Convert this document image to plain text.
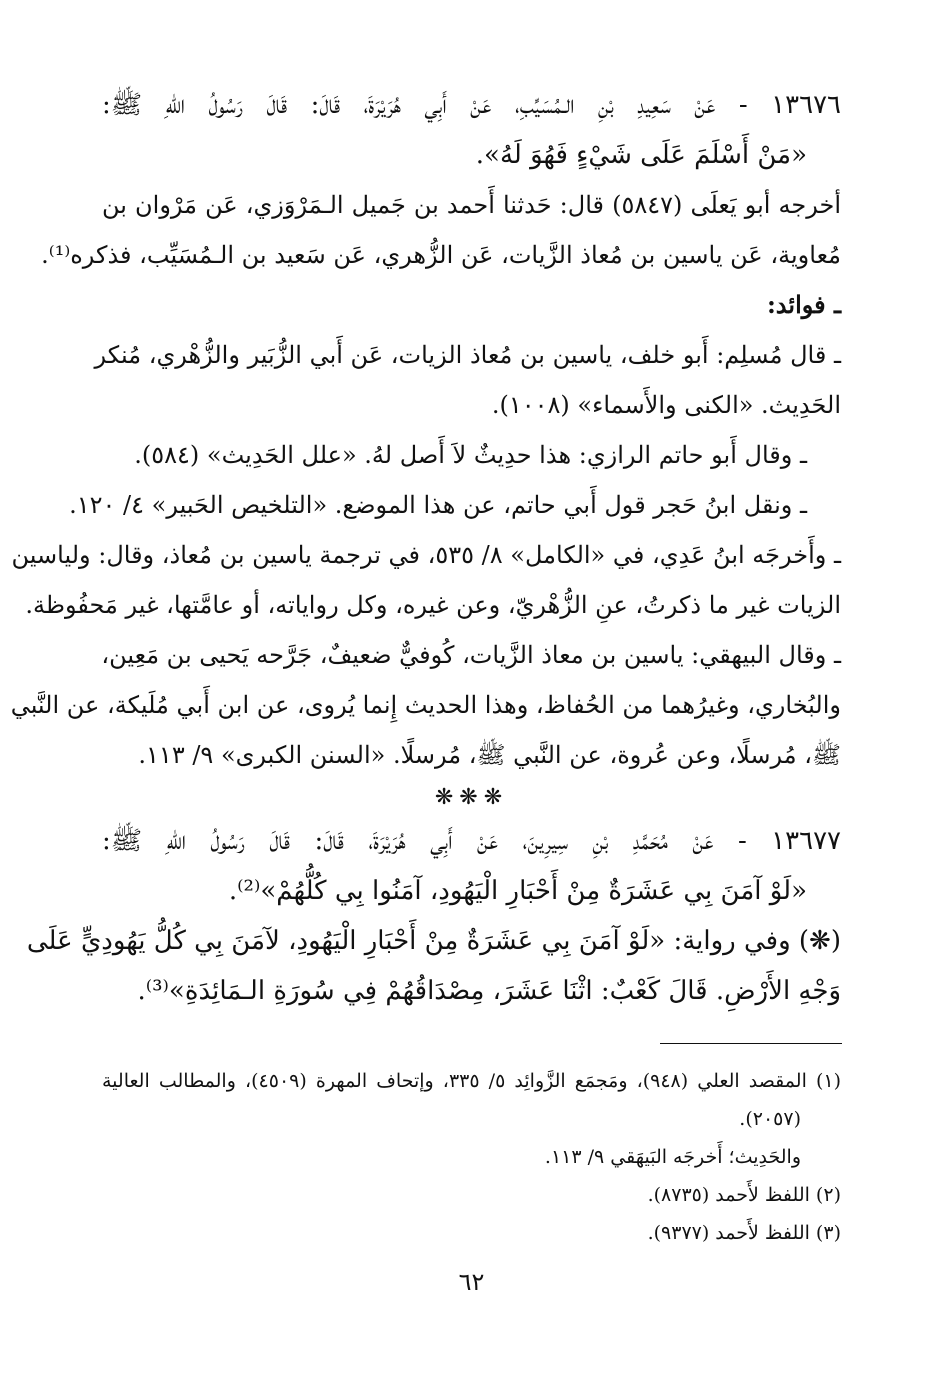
١٣٦٧٦ - عَنْ سَعِيدِ بْنِ الـمُسَيِّبِ، عَنْ أَبِي هُرَيْرَةَ، قَالَ: قَالَ رَسُولُ اللهِ ﷺ:
«مَنْ أَسْلَمَ عَلَى شَيْءٍ فَهُوَ لَهُ».
أخرجه أبو يَعلَى (٥٨٤٧) قال: حَدثنا أَحمد بن جَميل الـمَرْوَزي، عَن مَرْوان بن
مُعاوية، عَن ياسين بن مُعاذ الزَّيات، عَن الزُّهري، عَن سَعيد بن الـمُسَيِّب، فذكره⁽¹⁾.
ـ فوائد:
ـ قال مُسلِم: أَبو خلف، ياسين بن مُعاذ الزيات، عَن أَبي الزُّبَير والزُّهْري، مُنكر
الحَدِيث. «الكنى والأَسماء» (١٠٠٨).
ـ وقال أَبو حاتم الرازي: هذا حدِيثٌ لاَ أَصل لهُ. «علل الحَدِيث» (٥٨٤).
ـ ونقل ابنُ حَجر قول أَبي حاتم، عن هذا الموضع. «التلخيص الحَبير» ٤/ ١٢٠.
ـ وأَخرجَه ابنُ عَدِي، في «الكامل» ٨/ ٥٣٥، في ترجمة ياسين بن مُعاذ، وقال: ولياسين
الزيات غير ما ذكرتُ، عنِ الزُّهْريّ، وعن غيره، وكل رواياته، أو عامَّتها، غير مَحفُوظة.
ـ وقال البيهقي: ياسين بن معاذ الزَّيات، كُوفيٌّ ضعيفٌ، جَرَّحه يَحيى بن مَعِين،
والبُخاري، وغيرُهما من الحُفاظ، وهذا الحديث إِنما يُروى، عن ابن أَبي مُلَيكة، عن النَّبي
ﷺ، مُرسلًا، وعن عُروة، عن النَّبي ﷺ، مُرسلًا. «السنن الكبرى» ٩/ ١١٣.
❋❋❋
١٣٦٧٧ - عَنْ مُحَمَّدِ بْنِ سِيرِينَ، عَنْ أَبِي هُرَيْرَةَ، قَالَ: قَالَ رَسُولُ اللهِ ﷺ:
«لَوْ آمَنَ بِي عَشَرَةٌ مِنْ أَحْبَارِ الْيَهُودِ، آمَنُوا بِي كُلُّهُمْ»⁽²⁾.
(❋) وفي رواية: «لَوْ آمَنَ بِي عَشَرَةٌ مِنْ أَحْبَارِ الْيَهُودِ، لآمَنَ بِي كُلُّ يَهُودِيٍّ عَلَى
وَجْهِ الأَرْضِ. قَالَ كَعْبٌ: اثْنَا عَشَرَ، مِصْدَاقُهُمْ فِي سُورَةِ الـمَائِدَةِ»⁽³⁾.
(١) المقصد العلي (٩٤٨)، ومَجمَع الزَّوائِد ٥/ ٣٣٥، وإتحاف المهرة (٤٥٠٩)، والمطالب العالية
(٢٠٥٧).
والحَدِيث؛ أَخرجَه البَيهَقي ٩/ ١١٣.
(٢) اللفظ لأَحمد (٨٧٣٥).
(٣) اللفظ لأَحمد (٩٣٧٧).
٦٢
